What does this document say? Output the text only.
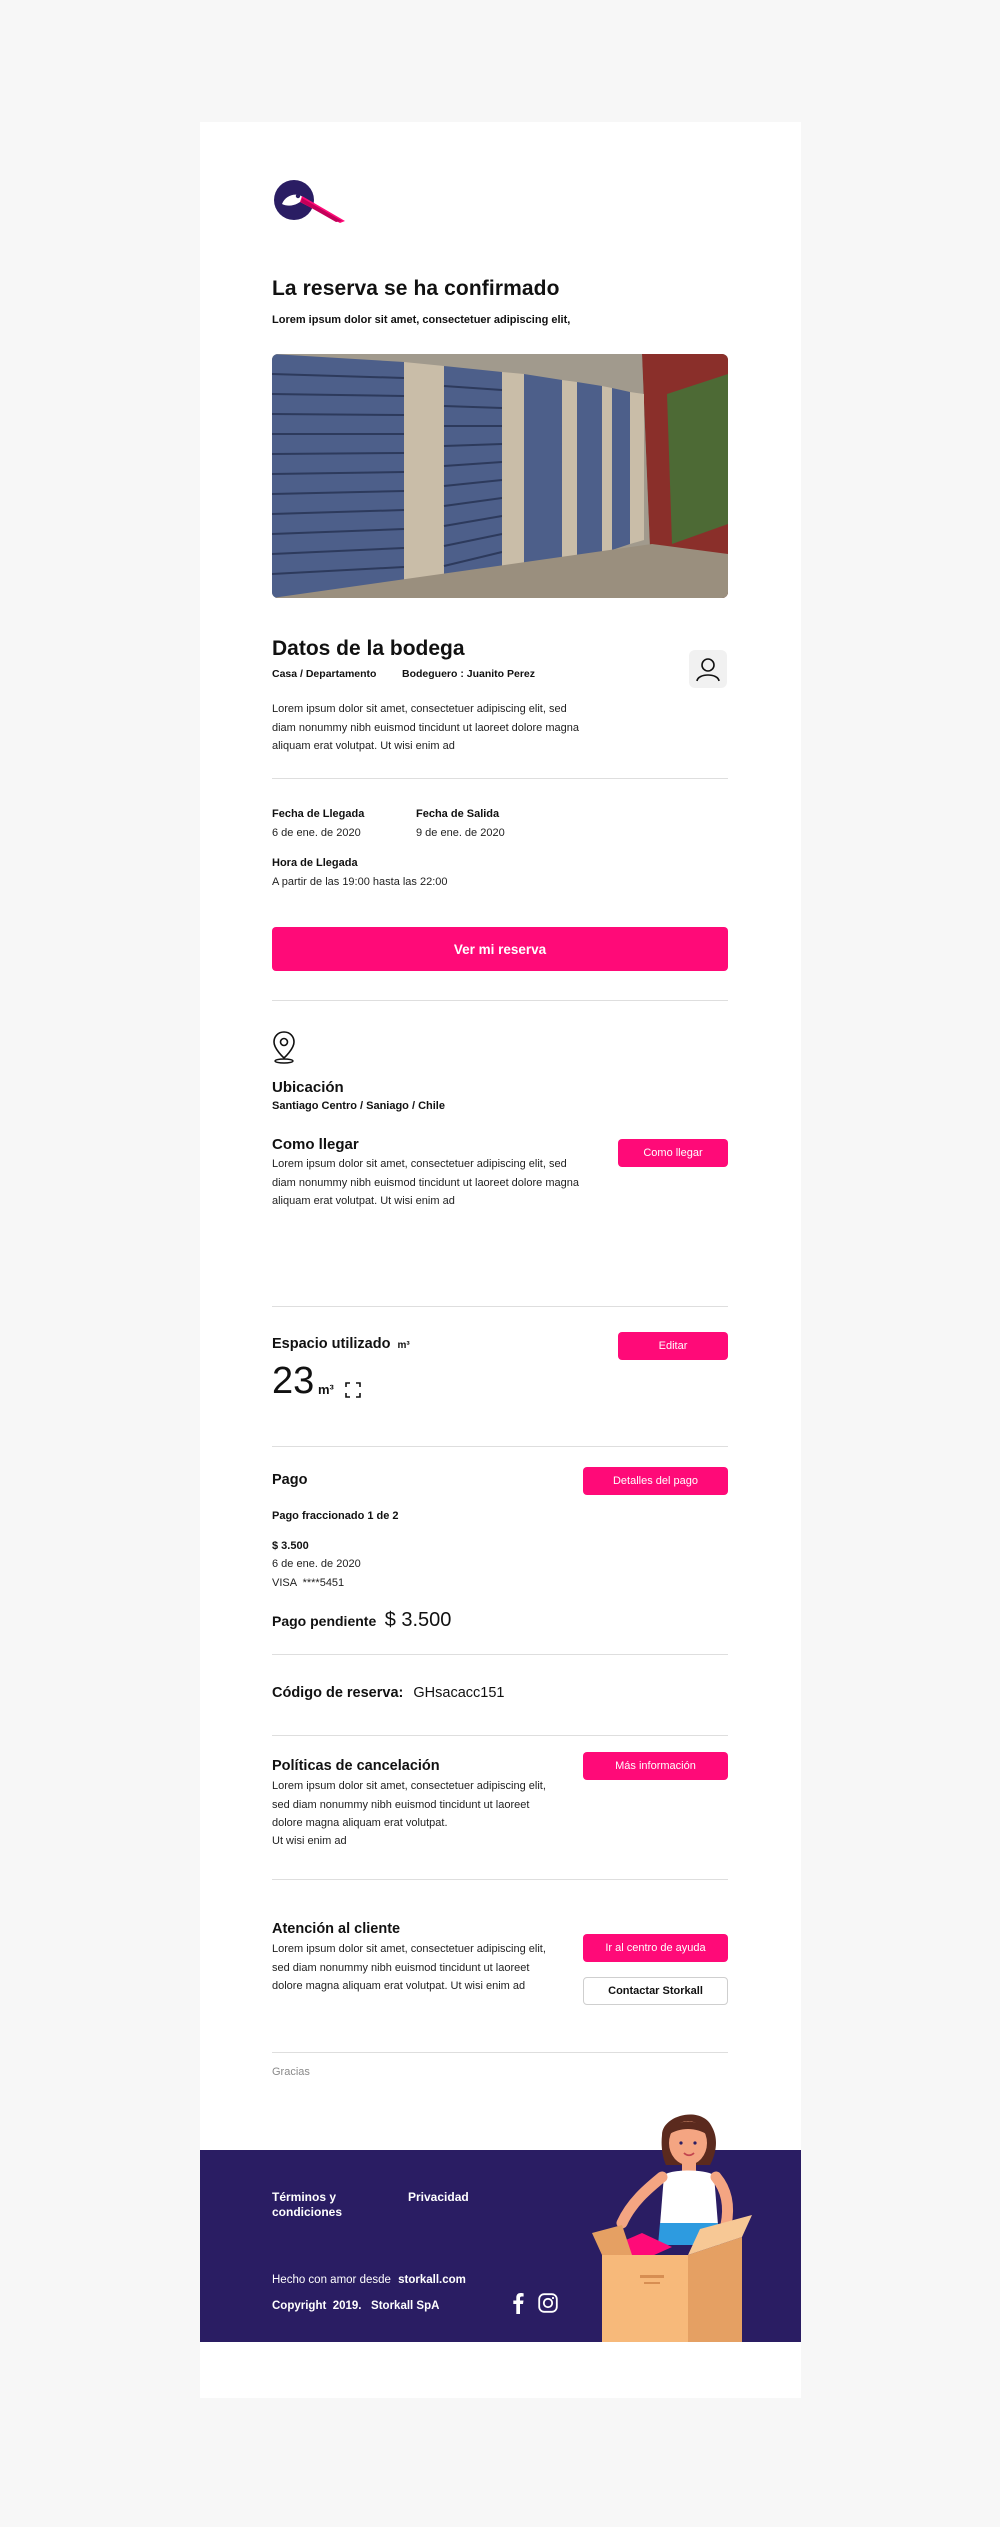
La reserva se ha confirmado
Lorem ipsum dolor sit amet, consectetuer adipiscing elit,
Datos de la bodega
Casa / Departamento Bodeguero : Juanito Perez
Lorem ipsum dolor sit amet, consectetuer adipiscing elit, sed diam nonummy nibh euismod tincidunt ut laoreet dolore magna aliquam erat volutpat. Ut wisi enim ad
Fecha de Llegada
6 de ene. de 2020
Fecha de Salida
9 de ene. de 2020
Hora de Llegada
A partir de las 19:00 hasta las 22:00
Ver mi reserva
Ubicación
Santiago Centro / Saniago / Chile
Como llegar
Lorem ipsum dolor sit amet, consectetuer adipiscing elit, sed diam nonummy nibh euismod tincidunt ut laoreet dolore magna aliquam erat volutpat. Ut wisi enim ad
Como llegar
Espacio utilizado m³	Editar
23 m³
Pago	Detalles del pago
Pago fraccionado 1 de 2
$ 3.500
6 de ene. de 2020
VISA  ****5451
Pago pendiente $ 3.500
Código de reserva: GHsacacc151
Políticas de cancelación	Más información
Lorem ipsum dolor sit amet, consectetuer adipiscing elit, sed diam nonummy nibh euismod tincidunt ut laoreet dolore magna aliquam erat volutpat.
Ut wisi enim ad
Atención al cliente
Lorem ipsum dolor sit amet, consectetuer adipiscing elit, sed diam nonummy nibh euismod tincidunt ut laoreet dolore magna aliquam erat volutpat. Ut wisi enim ad
Ir al centro de ayuda
Contactar Storkall
Gracias
Términos y condiciones
Privacidad
Hecho con amor desde storkall.com
Copyright  2019.   Storkall SpA
